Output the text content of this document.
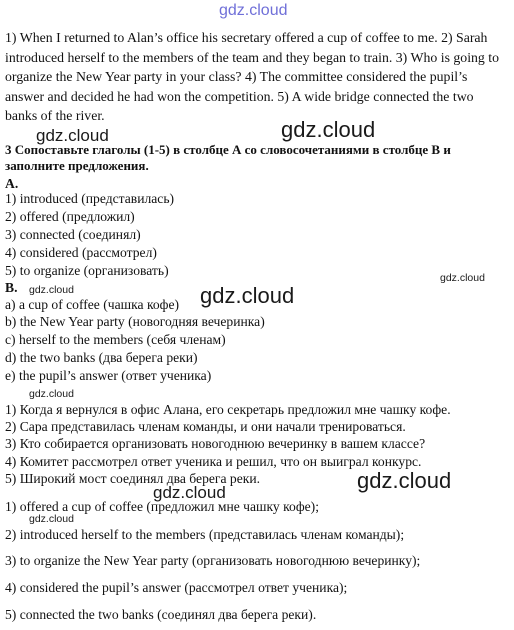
gdz.cloud
1) When I returned to Alan’s office his secretary offered a cup of coffee to me. 2) Sarah introduced herself to the members of the team and they began to train. 3) Who is going to organize the New Year party in your class? 4) The committee considered the pupil’s answer and decided he had won the competition. 5) A wide bridge connected the two banks of the river.
gdz.cloud	gdz.cloud
3 Сопоставьте глаголы (1-5) в столбце А со словосочетаниями в столбце В и заполните предложения.
A.
1) introduced (представилась)
2) offered (предложил)
3) connected (соединял)
4) considered (рассмотрел)
5) to organize (организовать)	gdz.cloud
B. gdz.cloud
a) a cup of coffee (чашка кофе) gdz.cloud
b) the New Year party (новогодняя вечеринка)
c) herself to the members (себя членам)
d) the two banks (два берега реки)
e) the pupil’s answer (ответ ученика)
gdz.cloud
1) Когда я вернулся в офис Алана, его секретарь предложил мне чашку кофе.
2) Сара представилась членам команды, и они начали тренироваться.
3) Кто собирается организовать новогоднюю вечеринку в вашем классе?
4) Комитет рассмотрел ответ ученика и решил, что он выиграл конкурс.
5) Широкий мост соединял два берега реки.	gdz.cloud
gdz.cloud
1) offered a cup of coffee (предложил мне чашку кофе);
gdz.cloud
2) introduced herself to the members (представилась членам команды);
3) to organize the New Year party (организовать новогоднюю вечеринку);
4) considered the pupil’s answer (рассмотрел ответ ученика);
5) connected the two banks (соединял два берега реки).
